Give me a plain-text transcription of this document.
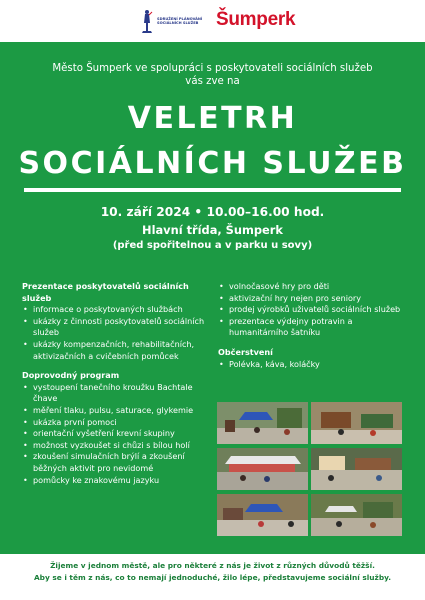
SDRUŽENÍ PLÁNOVÁNÍ
SOCIÁLNÍCH SLUŽEB Šumperk
Město Šumperk ve spolupráci s poskytovateli sociálních služeb
vás zve na
VELETRH
SOCIÁLNÍCH SLUŽEB
10. září 2024 • 10.00–16.00 hod.
Hlavní třída, Šumperk
(před spořitelnou a v parku u sovy)
Prezentace poskytovatelů sociálních služeb
• informace o poskytovaných službách
• ukázky z činnosti poskytovatelů sociálních služeb
• ukázky kompenzačních, rehabilitačních, aktivizačních a cvičebních pomůcek
Doprovodný program
• vystoupení tanečního kroužku Bachtale čhave
• měření tlaku, pulsu, saturace, glykemie
• ukázka první pomoci
• orientační vyšetření krevní skupiny
• možnost vyzkoušet si chůzi s bílou holí
• zkoušení simulačních brýlí a zkoušení běžných aktivit pro nevidomé
• pomůcky ke znakovému jazyku
• volnočasové hry pro děti
• aktivizační hry nejen pro seniory
• prodej výrobků uživatelů sociálních služeb
• prezentace výdejny potravin a humanitárního šatníku
Občerstvení
• Polévka, káva, koláčky
Žijeme v jednom městě, ale pro některé z nás je život z různých důvodů těžší.
Aby se i těm z nás, co to nemají jednoduché, žilo lépe, představujeme sociální služby.
